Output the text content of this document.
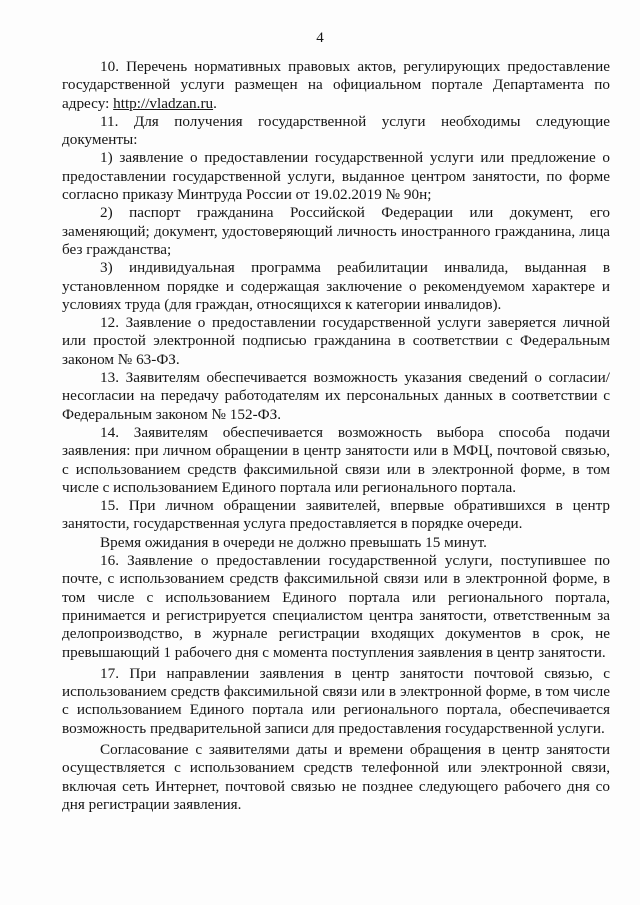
4

10. Перечень нормативных правовых актов, регулирующих предоставление государственной услуги размещен на официальном портале Департамента по адресу: http://vladzan.ru.

11. Для получения государственной услуги необходимы следующие документы:

1) заявление о предоставлении государственной услуги или предложение о предоставлении государственной услуги, выданное центром занятости, по форме согласно приказу Минтруда России от 19.02.2019 № 90н;

2) паспорт гражданина Российской Федерации или документ, его заменяющий; документ, удостоверяющий личность иностранного гражданина, лица без гражданства;

3) индивидуальная программа реабилитации инвалида, выданная в установленном порядке и содержащая заключение о рекомендуемом характере и условиях труда (для граждан, относящихся к категории инвалидов).

12. Заявление о предоставлении государственной услуги заверяется личной или простой электронной подписью гражданина в соответствии с Федеральным законом № 63-ФЗ.

13. Заявителям обеспечивается возможность указания сведений о согласии/несогласии на передачу работодателям их персональных данных в соответствии с Федеральным законом № 152-ФЗ.

14. Заявителям обеспечивается возможность выбора способа подачи заявления: при личном обращении в центр занятости или в МФЦ, почтовой связью, с использованием средств факсимильной связи или в электронной форме, в том числе с использованием Единого портала или регионального портала.

15. При личном обращении заявителей, впервые обратившихся в центр занятости, государственная услуга предоставляется в порядке очереди.

Время ожидания в очереди не должно превышать 15 минут.

16. Заявление о предоставлении государственной услуги, поступившее по почте, с использованием средств факсимильной связи или в электронной форме, в том числе с использованием Единого портала или регионального портала, принимается и регистрируется специалистом центра занятости, ответственным за делопроизводство, в журнале регистрации входящих документов в срок, не превышающий 1 рабочего дня с момента поступления заявления в центр занятости.

17. При направлении заявления в центр занятости почтовой связью, с использованием средств факсимильной связи или в электронной форме, в том числе с использованием Единого портала или регионального портала, обеспечивается возможность предварительной записи для предоставления государственной услуги.

Согласование с заявителями даты и времени обращения в центр занятости осуществляется с использованием средств телефонной или электронной связи, включая сеть Интернет, почтовой связью не позднее следующего рабочего дня со дня регистрации заявления.
